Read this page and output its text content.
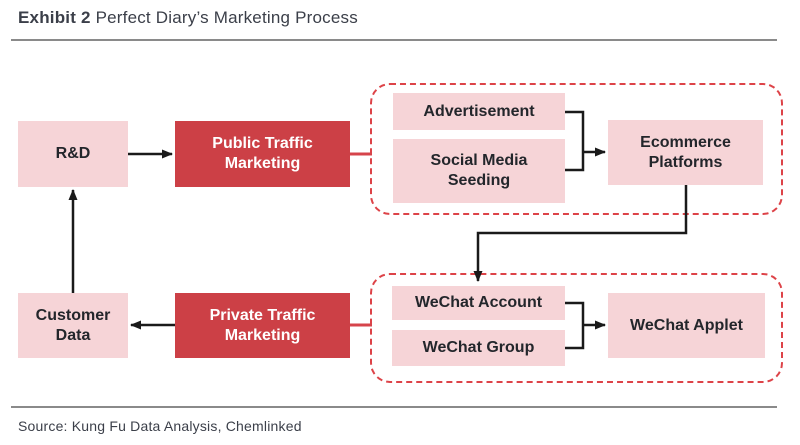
Exhibit 2 Perfect Diary’s Marketing Process
R&D
Public Traffic Marketing
Advertisement
Social Media Seeding
Ecommerce Platforms
Customer Data
Private Traffic Marketing
WeChat Account
WeChat Group
WeChat Applet
Source: Kung Fu Data Analysis, Chemlinked
